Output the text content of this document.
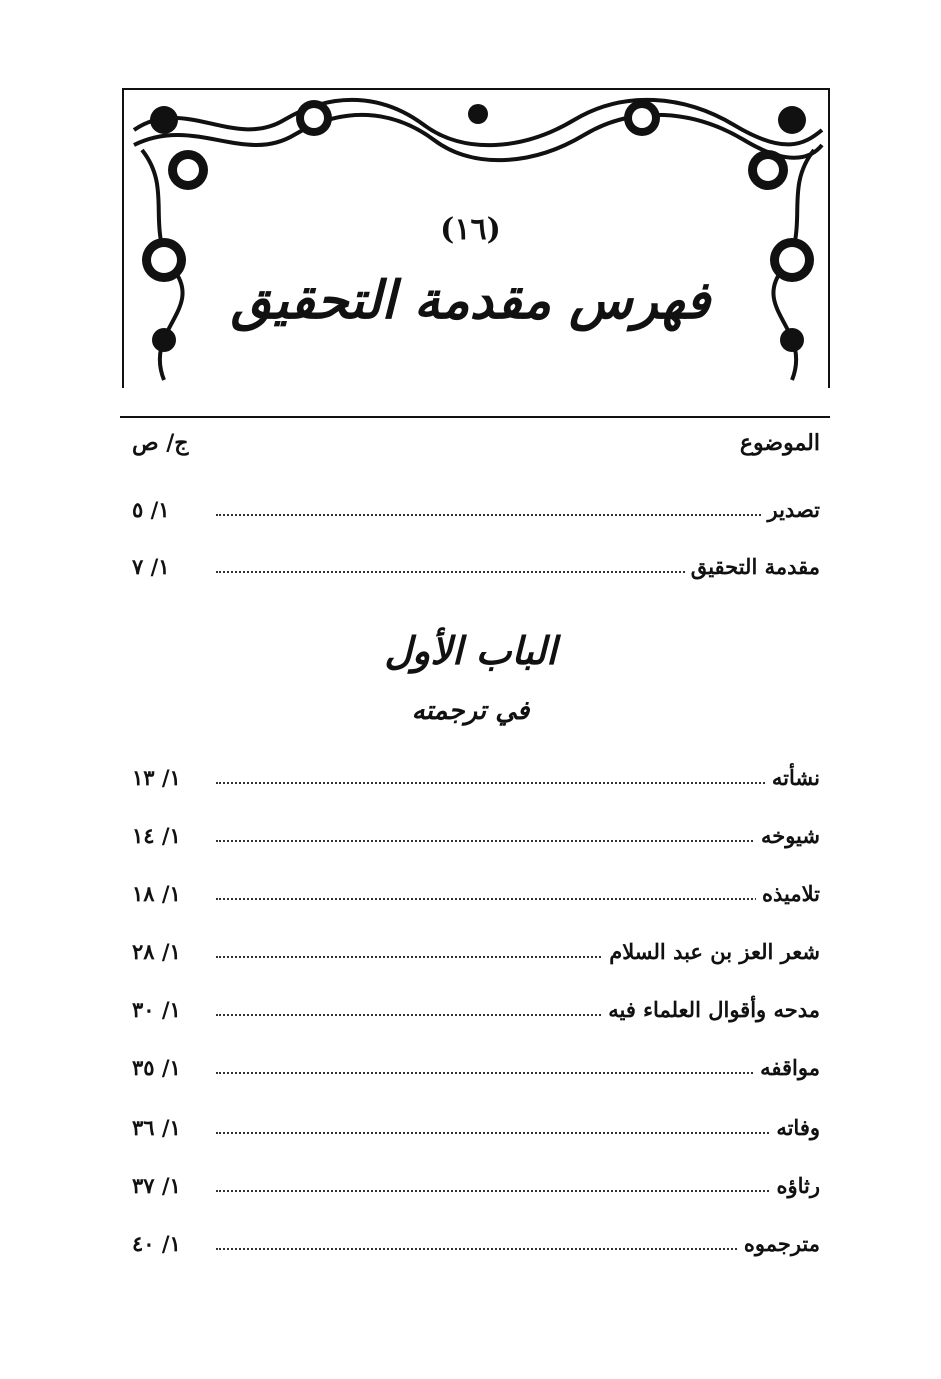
(١٦)
فهرس مقدمة التحقيق
الموضوع
ج/ ص
تصدير
١/ ٥
مقدمة التحقيق
١/ ٧
الباب الأول
في ترجمته
نشأته
١/ ١٣
شيوخه
١/ ١٤
تلاميذه
١/ ١٨
شعر العز بن عبد السلام
١/ ٢٨
مدحه وأقوال العلماء فيه
١/ ٣٠
مواقفه
١/ ٣٥
وفاته
١/ ٣٦
رثاؤه
١/ ٣٧
مترجموه
١/ ٤٠
